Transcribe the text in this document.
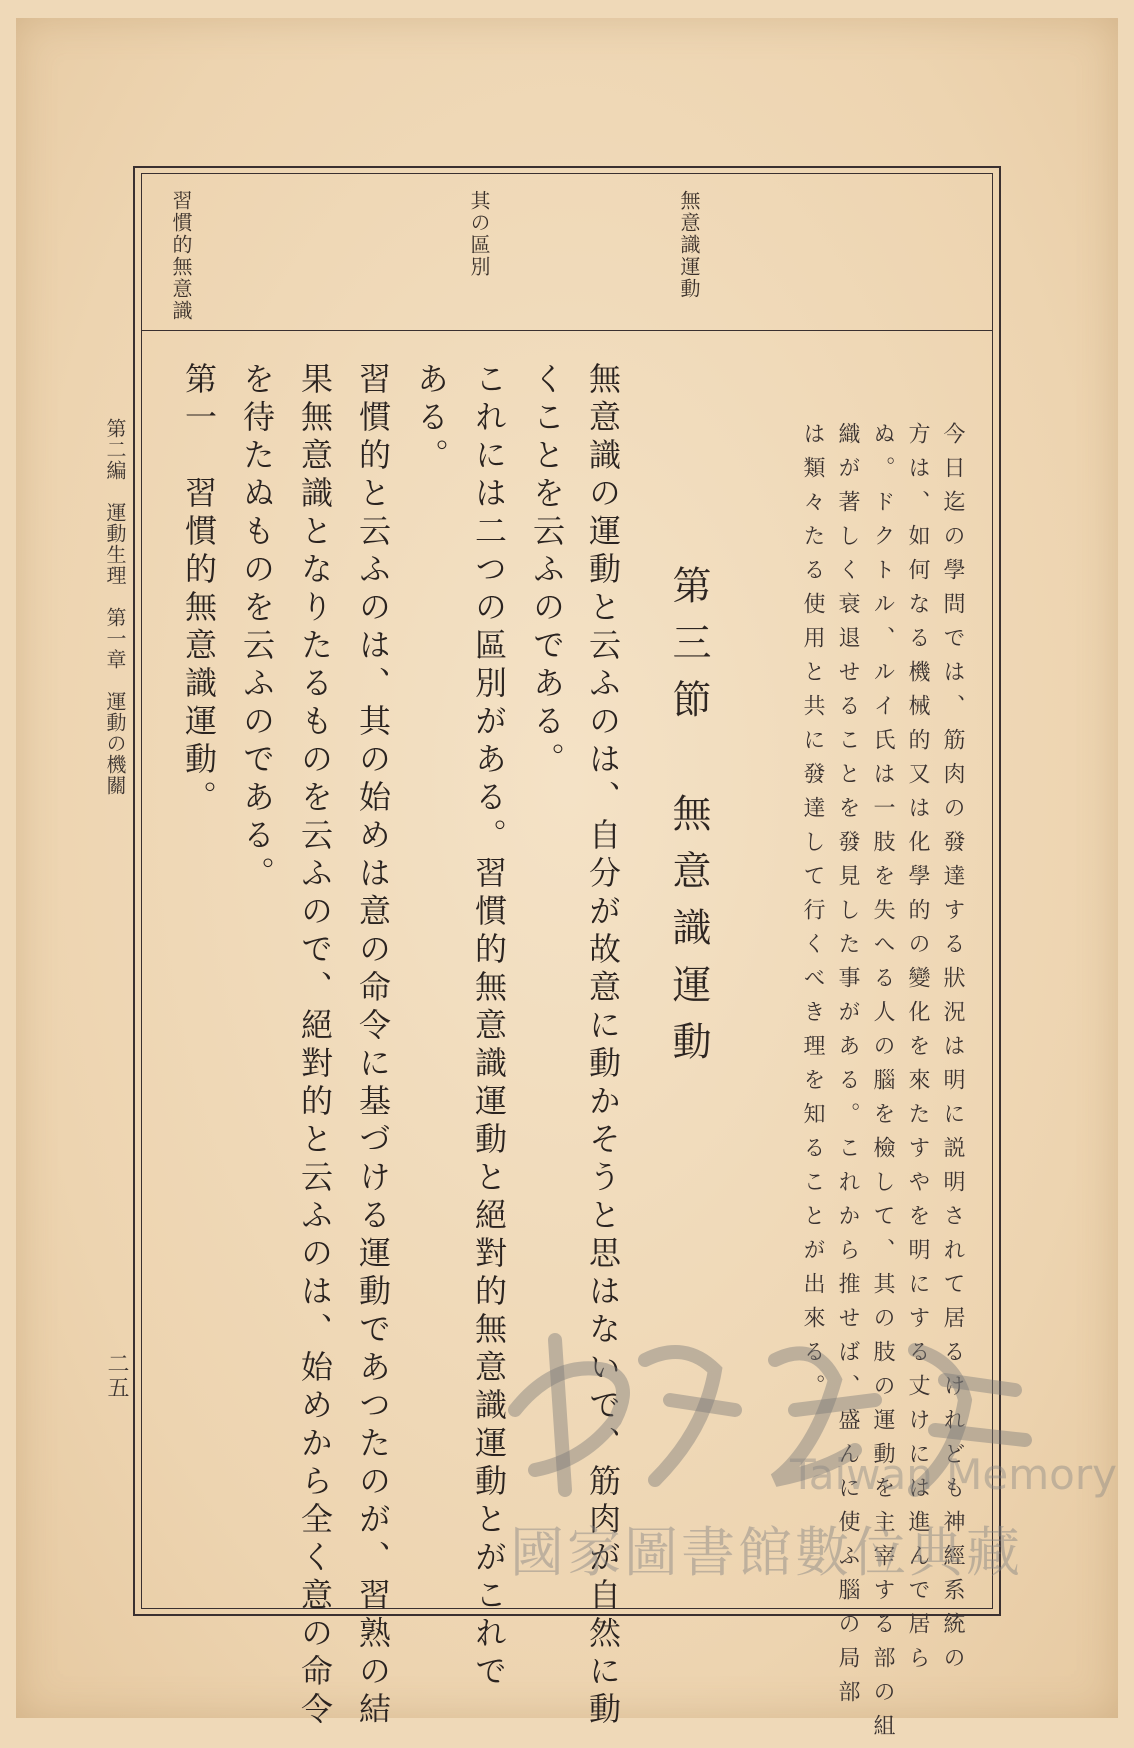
無意識運動
其の區別
習慣的無意識
今日迄の學問では、筋肉の發達する狀況は明に説明されて居るけれども神經系統の
方は、如何なる機械的又は化學的の變化を來たすやを明にする丈けには進んで居ら
ぬ。ドクトル、ルイ氏は一肢を失へる人の腦を檢して、其の肢の運動を主宰する部の組
織が著しく衰退せることを發見した事がある。これから推せば、盛んに使ふ腦の局部
は類々たる使用と共に發達して行くべき理を知ることが出來る。
第三節　無意識運動
無意識の運動と云ふのは、自分が故意に動かそうと思はないで、筋肉が自然に動
くことを云ふのである。
これには二つの區別がある。習慣的無意識運動と絕對的無意識運動とがこれで
ある。
習慣的と云ふのは、其の始めは意の命令に基づける運動であつたのが、習熟の結
果無意識となりたるものを云ふので、絕對的と云ふのは、始めから全く意の命令
を待たぬものを云ふのである。
第一　習慣的無意識運動。
第二編　運動生理　第一章　運動の機關
二五
Taiwan Memory
國家圖書館數位典藏
